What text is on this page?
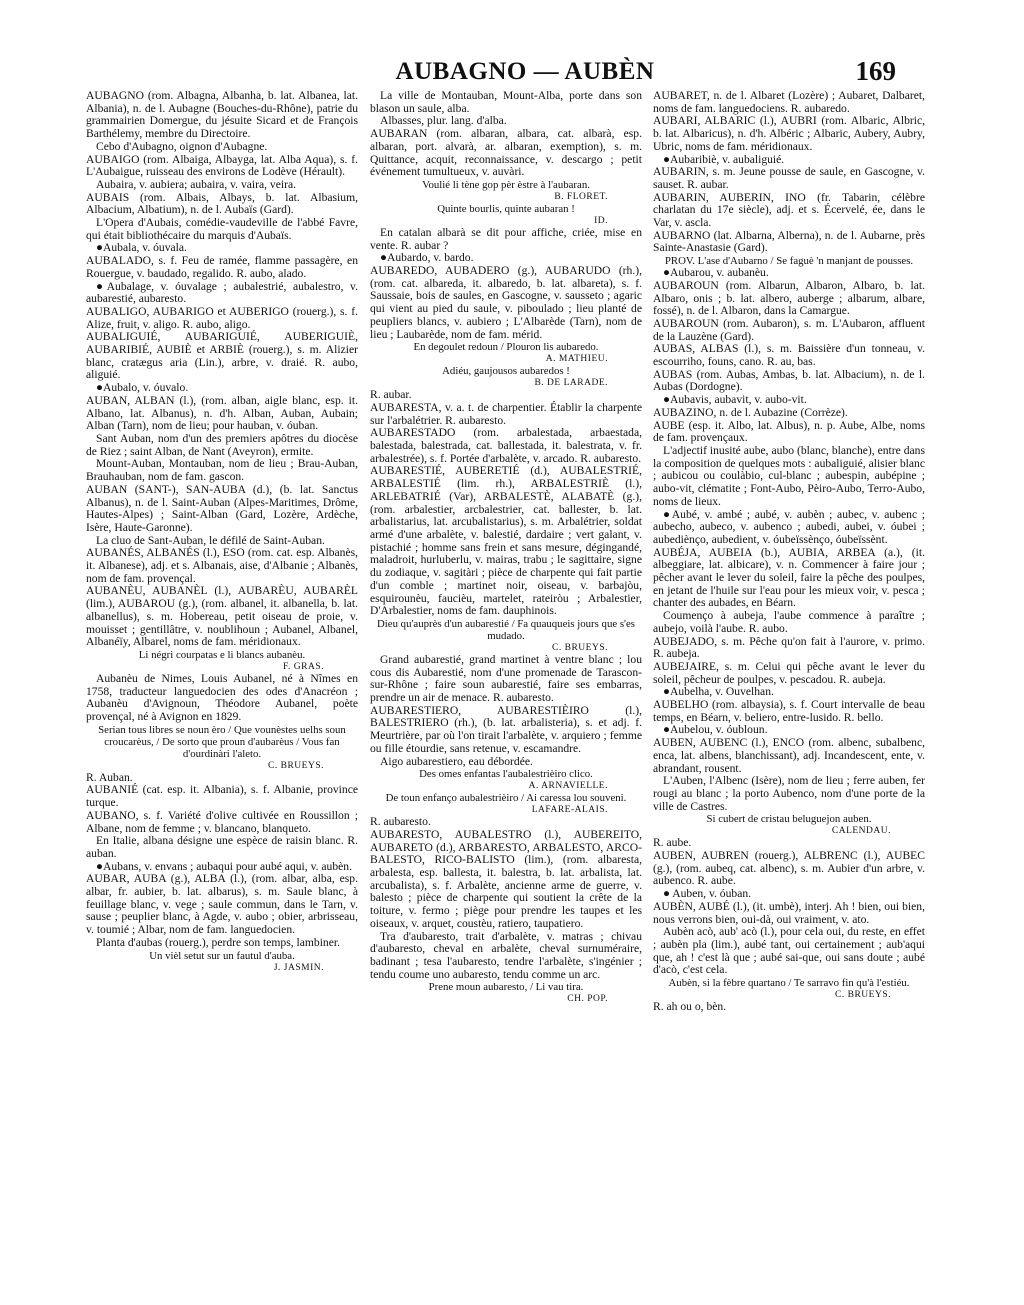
AUBAGNO — AUBÈN	169

AUBAGNO (rom. Albagna, Albanha, b. lat. Albanea, lat. Albania), n. de l. Aubagne (Bouches-du-Rhône), patrie du grammairien Domergue, du jésuite Sicard et de François Barthélemy, membre du Directoire.

Cebo d'Aubagno, oignon d'Aubagne.

AUBAIGO (rom. Albaiga, Albayga, lat. Alba Aqua), s. f. L'Aubaigue, ruisseau des environs de Lodève (Hérault).

Aubaira, v. aubiera; aubaira, v. vaira, veira.

AUBAIS (rom. Albais, Albays, b. lat. Albasium, Albacium, Albatium), n. de l. Aubaïs (Gard).

L'Opera d'Aubais, comédie-vaudeville de l'abbé Favre, qui était bibliothécaire du marquis d'Aubaïs.

●Aubala, v. óuvala.

AUBALADO, s. f. Feu de ramée, flamme passagère, en Rouergue, v. baudado, regalido. R. aubo, alado.

●Aubalage, v. óuvalage ; aubalestrié, aubalestro, v. aubarestié, aubaresto.

AUBALIGO, AUBARIGO et AUBERIGO (rouerg.), s. f. Alize, fruit, v. aligo. R. aubo, aligo.

AUBALIGUIÉ, AUBARIGUIÉ, AUBERIGUIÈ, AUBARIBIÉ, AUBIÈ et ARBIÈ (rouerg.), s. m. Alizier blanc, cratægus aria (Lin.), arbre, v. draié. R. aubo, aliguié.

●Aubalo, v. óuvalo.

AUBAN, ALBAN (l.), (rom. alban, aigle blanc, esp. it. Albano, lat. Albanus), n. d'h. Alban, Auban, Aubain; Alban (Tarn), nom de lieu; pour hauban, v. óuban.

Sant Auban, nom d'un des premiers apôtres du diocèse de Riez ; saint Alban, de Nant (Aveyron), ermite.

Mount-Auban, Montauban, nom de lieu ; Brau-Auban, Brauhauban, nom de fam. gascon.

AUBAN (SANT-), SAN-AUBA (d.), (b. lat. Sanctus Albanus), n. de l. Saint-Auban (Alpes-Maritimes, Drôme, Hautes-Alpes) ; Saint-Alban (Gard, Lozère, Ardèche, Isère, Haute-Garonne).

La cluo de Sant-Auban, le défilé de Saint-Auban.

AUBANÉS, ALBANÉS (l.), ESO (rom. cat. esp. Albanès, it. Albanese), adj. et s. Albanais, aise, d'Albanie ; Albanès, nom de fam. provençal.

AUBANÈU, AUBANÈL (l.), AUBARÈU, AUBARÈL (lim.), AUBAROU (g.), (rom. albanel, it. albanella, b. lat. albanellus), s. m. Hobereau, petit oiseau de proie, v. mouisset ; gentillâtre, v. noublihoun ; Aubanel, Albanel, Albanéïy, Albarel, noms de fam. méridionaux.

Li négri courpatas e li blancs aubanèu.

F. GRAS.

Aubanèu de Nimes, Louis Aubanel, né à Nîmes en 1758, traducteur languedocien des odes d'Anacréon ; Aubanèu d'Avignoun, Théodore Aubanel, poète provençal, né à Avignon en 1829.

Serian tous libres se noun èro / Que vounèstes uelhs soun croucarèus, / De sorto que proun d'aubarèus / Vous fan d'ourdinàri l'aleto.

C. BRUEYS.

R. Auban.

AUBANIÉ (cat. esp. it. Albania), s. f. Albanie, province turque.

AUBANO, s. f. Variété d'olive cultivée en Roussillon ; Albane, nom de femme ; v. blancano, blanqueto.

En Italie, albana désigne une espèce de raisin blanc. R. auban.

●Aubans, v. envans ; aubaqui pour aubé aqui, v. aubèn.

AUBAR, AUBA (g.), ALBA (l.), (rom. albar, alba, esp. albar, fr. aubier, b. lat. albarus), s. m. Saule blanc, à feuillage blanc, v. vege ; saule commun, dans le Tarn, v. sause ; peuplier blanc, à Agde, v. aubo ; obier, arbrisseau, v. toumié ; Albar, nom de fam. languedocien.

Planta d'aubas (rouerg.), perdre son temps, lambiner.

Un vièl setut sur un fautul d'auba.

J. JASMIN.

La ville de Montauban, Mount-Alba, porte dans son blason un saule, alba.

Albasses, plur. lang. d'alba.

AUBARAN (rom. albaran, albara, cat. albarà, esp. albaran, port. alvarà, ar. albaran, exemption), s. m. Quittance, acquit, reconnaissance, v. descargo ; petit événement tumultueux, v. auvàri.

Voulié li tène gop pèr èstre à l'aubaran.

B. FLORET.

Quinte bourlis, quinte aubaran !

ID.

En catalan albarà se dit pour affiche, criée, mise en vente. R. aubar ?

●Aubardo, v. bardo.

AUBAREDO, AUBADERO (g.), AUBARUDO (rh.), (rom. cat. albareda, it. albaredo, b. lat. albareta), s. f. Saussaie, bois de saules, en Gascogne, v. sausseto ; agaric qui vient au pied du saule, v. piboulado ; lieu planté de peupliers blancs, v. aubiero ; L'Albarède (Tarn), nom de lieu ; Laubarède, nom de fam. mérid.

En degoulet redoun / Plouron lis aubaredo.

A. MATHIEU.

Adiéu, gaujousos aubaredos !

B. DE LARADE.

R. aubar.

AUBARESTA, v. a. t. de charpentier. Établir la charpente sur l'arbalétrier. R. aubaresto.

AUBARESTADO (rom. arbalestada, arbaestada, balestada, balestrada, cat. ballestada, it. balestrata, v. fr. arbalestrée), s. f. Portée d'arbalète, v. arcado. R. aubaresto.

AUBARESTIÉ, AUBERETIÉ (d.), AUBALESTRIÉ, ARBALESTIÉ (lim. rh.), ARBALESTRIÈ (l.), ARLEBATRIÉ (Var), ARBALESTÈ, ALABATÈ (g.), (rom. arbalestier, arcbalestrier, cat. ballester, b. lat. arbalistarius, lat. arcubalistarius), s. m. Arbalétrier, soldat armé d'une arbalète, v. balestié, dardaire ; vert galant, v. pistachié ; homme sans frein et sans mesure, dégingandé, maladroit, hurluberlu, v. mairas, trabu ; le sagittaire, signe du zodiaque, v. sagitàri ; pièce de charpente qui fait partie d'un comble ; martinet noir, oiseau, v. barbajòu, esquirounèu, faucièu, martelet, rateiròu ; Arbalestier, D'Arbalestier, noms de fam. dauphinois.

Dieu qu'auprès d'un aubarestié / Fa quauqueis jours que s'es mudado.

C. BRUEYS.

Grand aubarestié, grand martinet à ventre blanc ; lou cous dis Aubarestié, nom d'une promenade de Tarascon-sur-Rhône ; faire soun aubarestié, faire ses embarras, prendre un air de menace. R. aubaresto.

AUBARESTIERO, AUBARESTIÈIRO (l.), BALESTRIERO (rh.), (b. lat. arbalisteria), s. et adj. f. Meurtrière, par où l'on tirait l'arbalète, v. arquiero ; femme ou fille étourdie, sans retenue, v. escamandre.

Aigo aubarestiero, eau débordée.

Des omes enfantas l'aubalestrièiro clico.

A. ARNAVIELLE.

De toun enfanço aubalestrièiro / Ai caressa lou souveni.

LAFARE-ALAIS.

R. aubaresto.

AUBARESTO, AUBALESTRO (l.), AUBEREITO, AUBARETO (d.), ARBARESTO, ARBALESTO, ARCO-BALESTO, RICO-BALISTO (lim.), (rom. albaresta, arbalesta, esp. ballesta, it. balestra, b. lat. arbalista, lat. arcubalista), s. f. Arbalète, ancienne arme de guerre, v. balesto ; pièce de charpente qui soutient la crête de la toiture, v. fermo ; piège pour prendre les taupes et les oiseaux, v. arquet, coustèu, ratiero, taupatiero.

Tra d'aubaresto, trait d'arbalète, v. matras ; chivau d'aubaresto, cheval en arbalète, cheval surnuméraire, badinant ; tesa l'aubaresto, tendre l'arbalète, s'ingénier ; tendu coume uno aubaresto, tendu comme un arc.

Prene moun aubaresto, / Li vau tira.

CH. POP.

AUBARET, n. de l. Albaret (Lozère) ; Aubaret, Dalbaret, noms de fam. languedociens. R. aubaredo.

AUBARI, ALBARIC (l.), AUBRI (rom. Albaric, Albric, b. lat. Albaricus), n. d'h. Albéric ; Albaric, Aubery, Aubry, Ubric, noms de fam. méridionaux.

●Aubaribiè, v. aubaliguié.

AUBARIN, s. m. Jeune pousse de saule, en Gascogne, v. sauset. R. aubar.

AUBARIN, AUBERIN, INO (fr. Tabarin, célèbre charlatan du 17e siècle), adj. et s. Écervelé, ée, dans le Var, v. ascla.

AUBARNO (lat. Albarna, Alberna), n. de l. Aubarne, près Sainte-Anastasie (Gard).

PROV. L'ase d'Aubarno / Se faguè 'n manjant de pousses.

●Aubarou, v. aubanèu.

AUBAROUN (rom. Albarun, Albaron, Albaro, b. lat. Albaro, onis ; b. lat. albero, auberge ; albarum, albare, fossé), n. de l. Albaron, dans la Camargue.

AUBAROUN (rom. Aubaron), s. m. L'Aubaron, affluent de la Lauzène (Gard).

AUBAS, ALBAS (l.), s. m. Baissière d'un tonneau, v. escourriho, founs, cano. R. au, bas.

AUBAS (rom. Aubas, Ambas, b. lat. Albacium), n. de l. Aubas (Dordogne).

●Aubavis, aubavit, v. aubo-vit.

AUBAZINO, n. de l. Aubazine (Corrèze).

AUBE (esp. it. Albo, lat. Albus), n. p. Aube, Albe, noms de fam. provençaux.

L'adjectif inusité aube, aubo (blanc, blanche), entre dans la composition de quelques mots : aubaliguié, alisier blanc ; aubicou ou coulàbio, cul-blanc ; aubespin, aubépine ; aubo-vit, clématite ; Font-Aubo, Pèiro-Aubo, Terro-Aubo, noms de lieux.

●Aubé, v. ambé ; aubé, v. aubèn ; aubec, v. aubenc ; aubecho, aubeco, v. aubenco ; aubedi, aubei, v. óubei ; aubediènço, aubedient, v. óubeïssènço, óubeïssènt.

AUBÉJA, AUBEIA (b.), AUBIA, ARBEA (a.), (it. albeggiare, lat. albicare), v. n. Commencer à faire jour ; pêcher avant le lever du soleil, faire la pêche des poulpes, en jetant de l'huile sur l'eau pour les mieux voir, v. pesca ; chanter des aubades, en Béarn.

Coumenço à aubeja, l'aube commence à paraître ; aubejo, voilà l'aube. R. aubo.

AUBEJADO, s. m. Pêche qu'on fait à l'aurore, v. primo. R. aubeja.

AUBEJAIRE, s. m. Celui qui pêche avant le lever du soleil, pêcheur de poulpes, v. pescadou. R. aubeja.

●Aubelha, v. Ouvelhan.

AUBELHO (rom. albaysia), s. f. Court intervalle de beau temps, en Béarn, v. beliero, entre-lusido. R. bello.

●Aubelou, v. óubloun.

AUBEN, AUBENC (l.), ENCO (rom. albenc, subalbenc, enca, lat. albens, blanchissant), adj. Incandescent, ente, v. abrandant, rousent.

L'Auben, l'Albenc (Isère), nom de lieu ; ferre auben, fer rougi au blanc ; la porto Aubenco, nom d'une porte de la ville de Castres.

Si cubert de cristau beluguejon auben.

CALENDAU.

R. aube.

AUBEN, AUBREN (rouerg.), ALBRENC (l.), AUBEC (g.), (rom. aubeq, cat. albenc), s. m. Aubier d'un arbre, v. aubenco. R. aube.

● Auben, v. óuban.

AUBÈN, AUBÉ (l.), (it. umbè), interj. Ah ! bien, oui bien, nous verrons bien, oui-dà, oui vraiment, v. ato.

Aubèn acò, aub' acò (l.), pour cela oui, du reste, en effet ; aubèn pla (lim.), aubé tant, oui certainement ; aub'aqui que, ah ! c'est là que ; aubé sai-que, oui sans doute ; aubé d'acò, c'est cela.

Aubèn, si la fèbre quartano / Te sarravo fin qu'à l'estiéu.

C. BRUEYS.

R. ah ou o, bèn.
